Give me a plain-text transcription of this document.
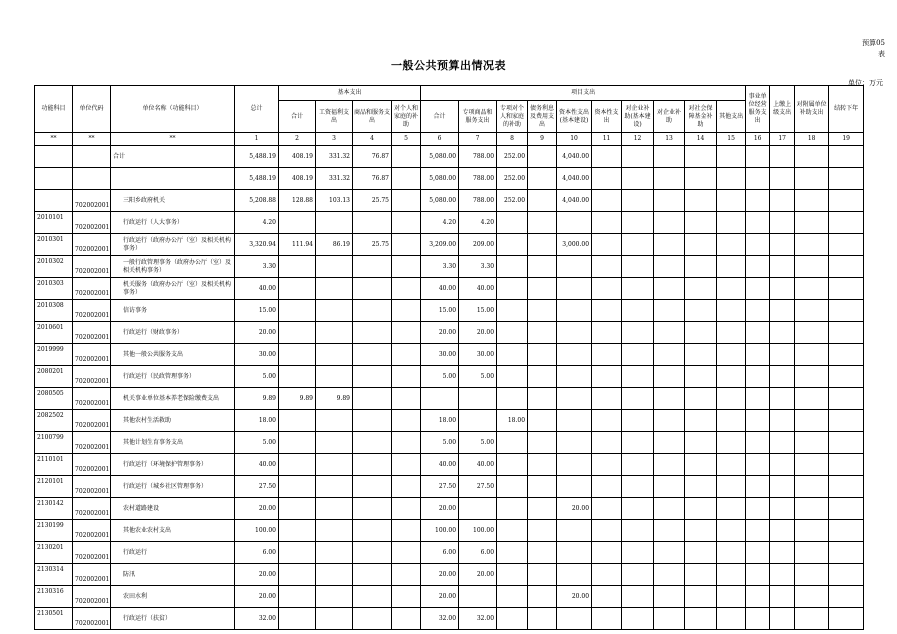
预算05
表
一般公共预算出情况表
单位：万元
功能科目	单位代码	单位名称（功能科目）	总计	基本支出				项目支出										事业单位经营服务支出	上缴上级支出	对附属单位补助支出	结转下年
				合计	工资福利支出	商品和服务支出	对个人和家庭的补助	合计	专项商品和服务支出	专项对个人和家庭的补助	债务利息及费用支出	资本性支出(基本建设)	资本性支出	对企业补助(基本建设)	对企业补助	对社会保障基金补助	其他支出				
**	**	**	1	2	3	4	5	6	7	8	9	10	11	12	13	14	15	16	17	18	19
		合计	5,488.19	408.19	331.32	76.87		5,080.00	788.00	252.00		4,040.00									
			5,488.19	408.19	331.32	76.87		5,080.00	788.00	252.00		4,040.00									
	702002001	三阳乡政府机关	5,208.88	128.88	103.13	25.75		5,080.00	788.00	252.00		4,040.00									
2010101	702002001	行政运行（人大事务）	4.20					4.20	4.20												
2010301	702002001	行政运行（政府办公厅（室）及相关机构事务）	3,320.94	111.94	86.19	25.75		3,209.00	209.00			3,000.00									
2010302	702002001	一般行政管理事务（政府办公厅（室）及相关机构事务）	3.30					3.30	3.30												
2010303	702002001	机关服务（政府办公厅（室）及相关机构事务）	40.00					40.00	40.00												
2010308	702002001	信访事务	15.00					15.00	15.00												
2010601	702002001	行政运行（财政事务）	20.00					20.00	20.00												
2019999	702002001	其他一般公共服务支出	30.00					30.00	30.00												
2080201	702002001	行政运行（民政管理事务）	5.00					5.00	5.00												
2080505	702002001	机关事业单位基本养老保险缴费支出	9.89	9.89	9.89																
2082502	702002001	其他农村生活救助	18.00					18.00		18.00											
2100799	702002001	其他计划生育事务支出	5.00					5.00	5.00												
2110101	702002001	行政运行（环境保护管理事务）	40.00					40.00	40.00												
2120101	702002001	行政运行（城乡社区管理事务）	27.50					27.50	27.50												
2130142	702002001	农村道路建设	20.00					20.00				20.00									
2130199	702002001	其他农业农村支出	100.00					100.00	100.00												
2130201	702002001	行政运行	6.00					6.00	6.00												
2130314	702002001	防汛	20.00					20.00	20.00												
2130316	702002001	农田水利	20.00					20.00				20.00									
2130501	702002001	行政运行（扶贫）	32.00					32.00	32.00												
